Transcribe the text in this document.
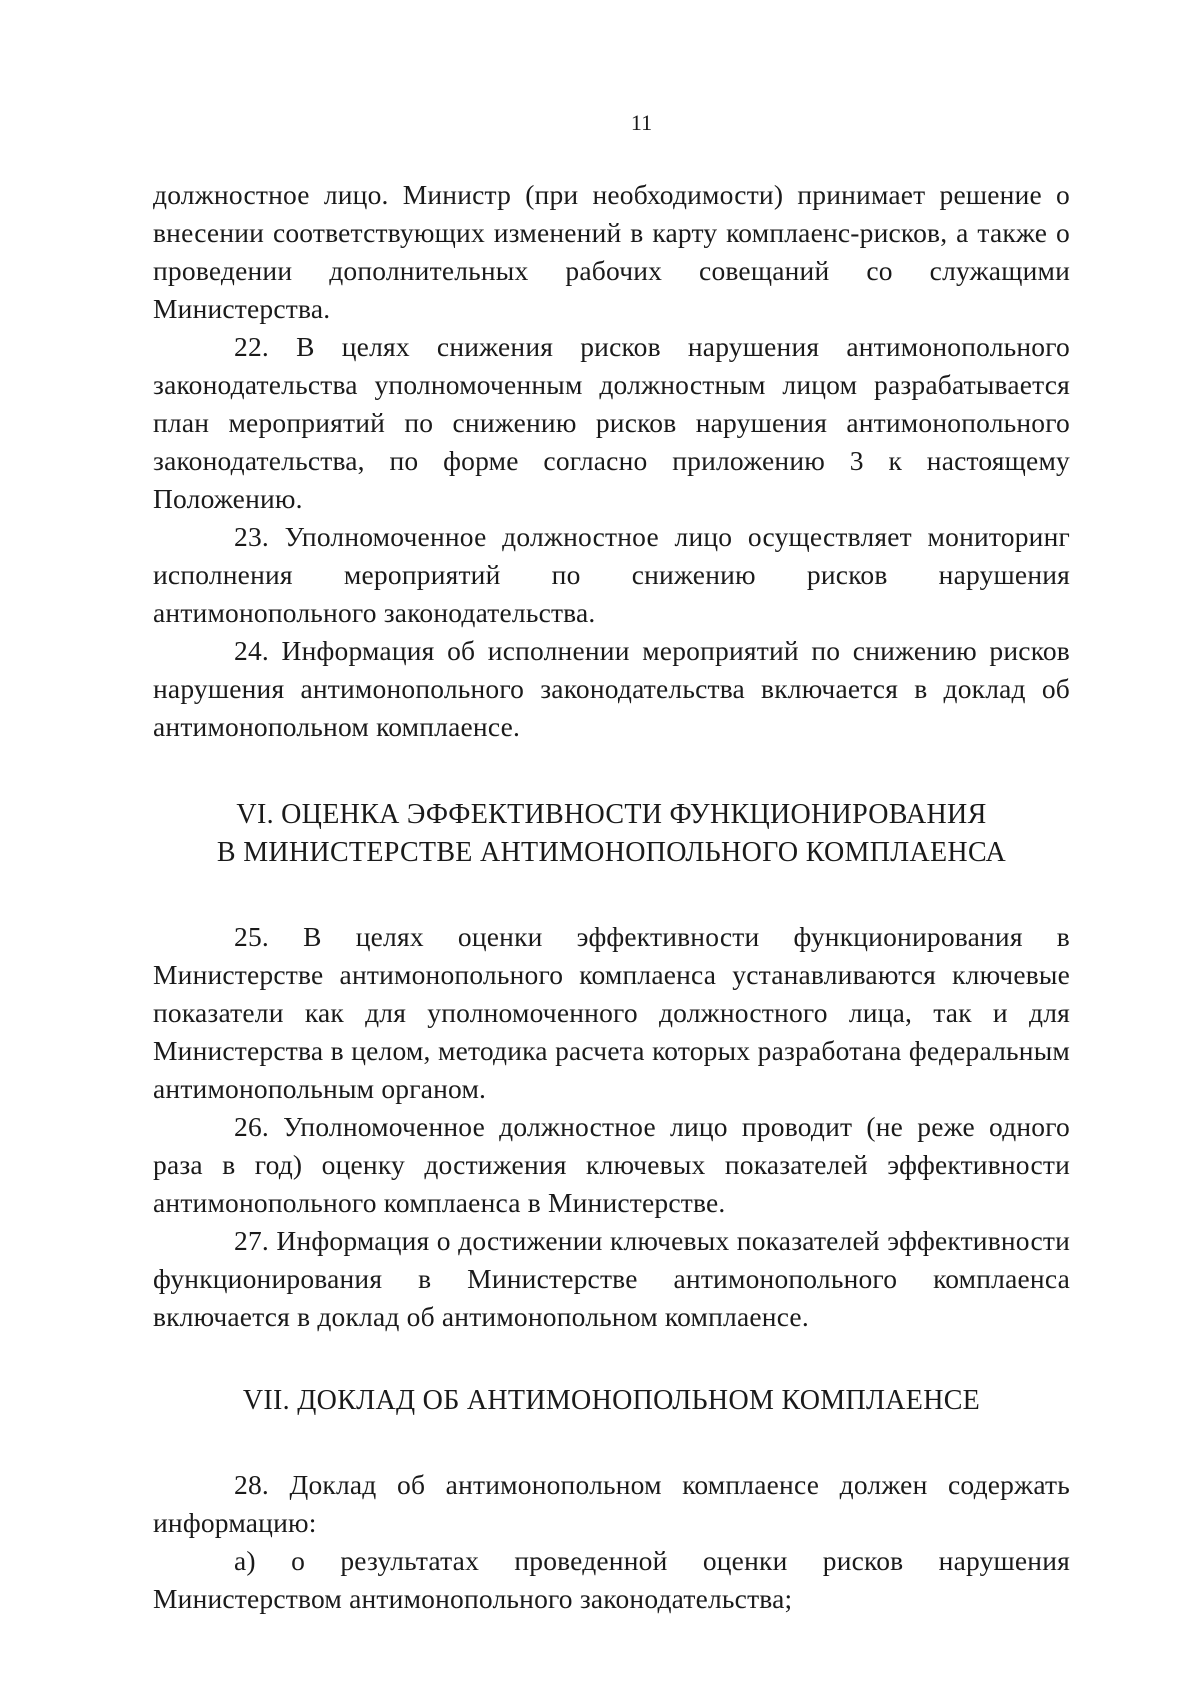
11

должностное лицо. Министр (при необходимости) принимает решение о внесении соответствующих изменений в карту комплаенс-рисков, а также о проведении дополнительных рабочих совещаний со служащими Министерства.

22. В целях снижения рисков нарушения антимонопольного законодательства уполномоченным должностным лицом разрабатывается план мероприятий по снижению рисков нарушения антимонопольного законодательства, по форме согласно приложению 3 к настоящему Положению.

23. Уполномоченное должностное лицо осуществляет мониторинг исполнения мероприятий по снижению рисков нарушения антимонопольного законодательства.

24. Информация об исполнении мероприятий по снижению рисков нарушения антимонопольного законодательства включается в доклад об антимонопольном комплаенсе.

VI. ОЦЕНКА ЭФФЕКТИВНОСТИ ФУНКЦИОНИРОВАНИЯ
В МИНИСТЕРСТВЕ АНТИМОНОПОЛЬНОГО КОМПЛАЕНСА

25. В целях оценки эффективности функционирования в Министерстве антимонопольного комплаенса устанавливаются ключевые показатели как для уполномоченного должностного лица, так и для Министерства в целом, методика расчета которых разработана федеральным антимонопольным органом.

26. Уполномоченное должностное лицо проводит (не реже одного раза в год) оценку достижения ключевых показателей эффективности антимонопольного комплаенса в Министерстве.

27. Информация о достижении ключевых показателей эффективности функционирования в Министерстве антимонопольного комплаенса включается в доклад об антимонопольном комплаенсе.

VII. ДОКЛАД ОБ АНТИМОНОПОЛЬНОМ КОМПЛАЕНСЕ

28. Доклад об антимонопольном комплаенсе должен содержать информацию:

а) о результатах проведенной оценки рисков нарушения Министерством антимонопольного законодательства;
